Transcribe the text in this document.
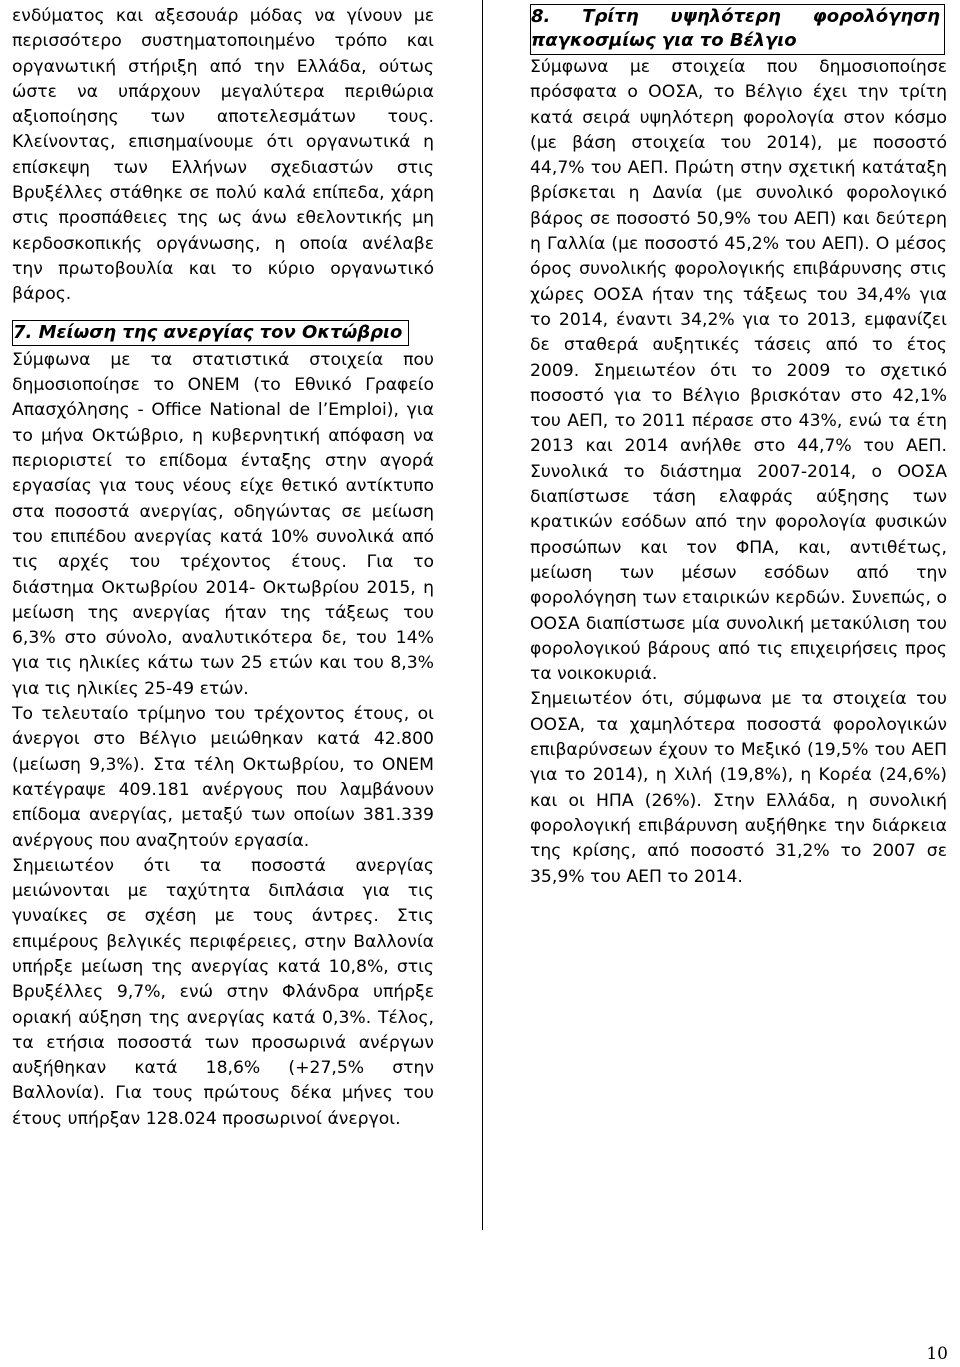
ενδύματος και αξεσουάρ μόδας να γίνουν με περισσότερο συστηματοποιημένο τρόπο και οργανωτική στήριξη από την Ελλάδα, ούτως ώστε να υπάρχουν μεγαλύτερα περιθώρια αξιοποίησης των αποτελεσμάτων τους. Κλείνοντας, επισημαίνουμε ότι οργανωτικά η επίσκεψη των Ελλήνων σχεδιαστών στις Βρυξέλλες στάθηκε σε πολύ καλά επίπεδα, χάρη στις προσπάθειες της ως άνω εθελοντικής μη κερδοσκοπικής οργάνωσης, η οποία ανέλαβε την πρωτοβουλία και το κύριο οργανωτικό βάρος.

7. Μείωση της ανεργίας τον Οκτώβριο

Σύμφωνα με τα στατιστικά στοιχεία που δημοσιοποίησε το ONEM (το Εθνικό Γραφείο Απασχόλησης - Office National de l’Emploi), για το μήνα Οκτώβριο, η κυβερνητική απόφαση να περιοριστεί το επίδομα ένταξης στην αγορά εργασίας για τους νέους είχε θετικό αντίκτυπο στα ποσοστά ανεργίας, οδηγώντας σε μείωση του επιπέδου ανεργίας κατά 10% συνολικά από τις αρχές του τρέχοντος έτους. Για το διάστημα Οκτωβρίου 2014- Οκτωβρίου 2015, η μείωση της ανεργίας ήταν της τάξεως του 6,3% στο σύνολο, αναλυτικότερα δε, του 14% για τις ηλικίες κάτω των 25 ετών και του 8,3% για τις ηλικίες 25-49 ετών.

Το τελευταίο τρίμηνο του τρέχοντος έτους, οι άνεργοι στο Βέλγιο μειώθηκαν κατά 42.800 (μείωση 9,3%). Στα τέλη Οκτωβρίου, το ONEM κατέγραψε 409.181 ανέργους που λαμβάνουν επίδομα ανεργίας, μεταξύ των οποίων 381.339 ανέργους που αναζητούν εργασία.

Σημειωτέον ότι τα ποσοστά ανεργίας μειώνονται με ταχύτητα διπλάσια για τις γυναίκες σε σχέση με τους άντρες. Στις επιμέρους βελγικές περιφέρειες, στην Βαλλονία υπήρξε μείωση της ανεργίας κατά 10,8%, στις Βρυξέλλες 9,7%, ενώ στην Φλάνδρα υπήρξε οριακή αύξηση της ανεργίας κατά 0,3%. Τέλος, τα ετήσια ποσοστά των προσωρινά ανέργων αυξήθηκαν κατά 18,6% (+27,5% στην Βαλλονία). Για τους πρώτους δέκα μήνες του έτους υπήρξαν 128.024 προσωρινοί άνεργοι.

8. Τρίτη υψηλότερη φορολόγηση παγκοσμίως για το Βέλγιο

Σύμφωνα με στοιχεία που δημοσιοποίησε πρόσφατα ο ΟΟΣΑ, το Βέλγιο έχει την τρίτη κατά σειρά υψηλότερη φορολογία στον κόσμο (με βάση στοιχεία του 2014), με ποσοστό 44,7% του ΑΕΠ. Πρώτη στην σχετική κατάταξη βρίσκεται η Δανία (με συνολικό φορολογικό βάρος σε ποσοστό 50,9% του ΑΕΠ) και δεύτερη η Γαλλία (με ποσοστό 45,2% του ΑΕΠ). Ο μέσος όρος συνολικής φορολογικής επιβάρυνσης στις χώρες ΟΟΣΑ ήταν της τάξεως του 34,4% για το 2014, έναντι 34,2% για το 2013, εμφανίζει δε σταθερά αυξητικές τάσεις από το έτος 2009. Σημειωτέον ότι το 2009 το σχετικό ποσοστό για το Βέλγιο βρισκόταν στο 42,1% του ΑΕΠ, το 2011 πέρασε στο 43%, ενώ τα έτη 2013 και 2014 ανήλθε στο 44,7% του ΑΕΠ. Συνολικά το διάστημα 2007-2014, ο ΟΟΣΑ διαπίστωσε τάση ελαφράς αύξησης των κρατικών εσόδων από την φορολογία φυσικών προσώπων και τον ΦΠΑ, και, αντιθέτως, μείωση των μέσων εσόδων από την φορολόγηση των εταιρικών κερδών. Συνεπώς, ο ΟΟΣΑ διαπίστωσε μία συνολική μετακύλιση του φορολογικού βάρους από τις επιχειρήσεις προς τα νοικοκυριά.

Σημειωτέον ότι, σύμφωνα με τα στοιχεία του ΟΟΣΑ, τα χαμηλότερα ποσοστά φορολογικών επιβαρύνσεων έχουν το Μεξικό (19,5% του ΑΕΠ για το 2014), η Χιλή (19,8%), η Κορέα (24,6%) και οι ΗΠΑ (26%). Στην Ελλάδα, η συνολική φορολογική επιβάρυνση αυξήθηκε την διάρκεια της κρίσης, από ποσοστό 31,2% το 2007 σε 35,9% του ΑΕΠ το 2014.

10
